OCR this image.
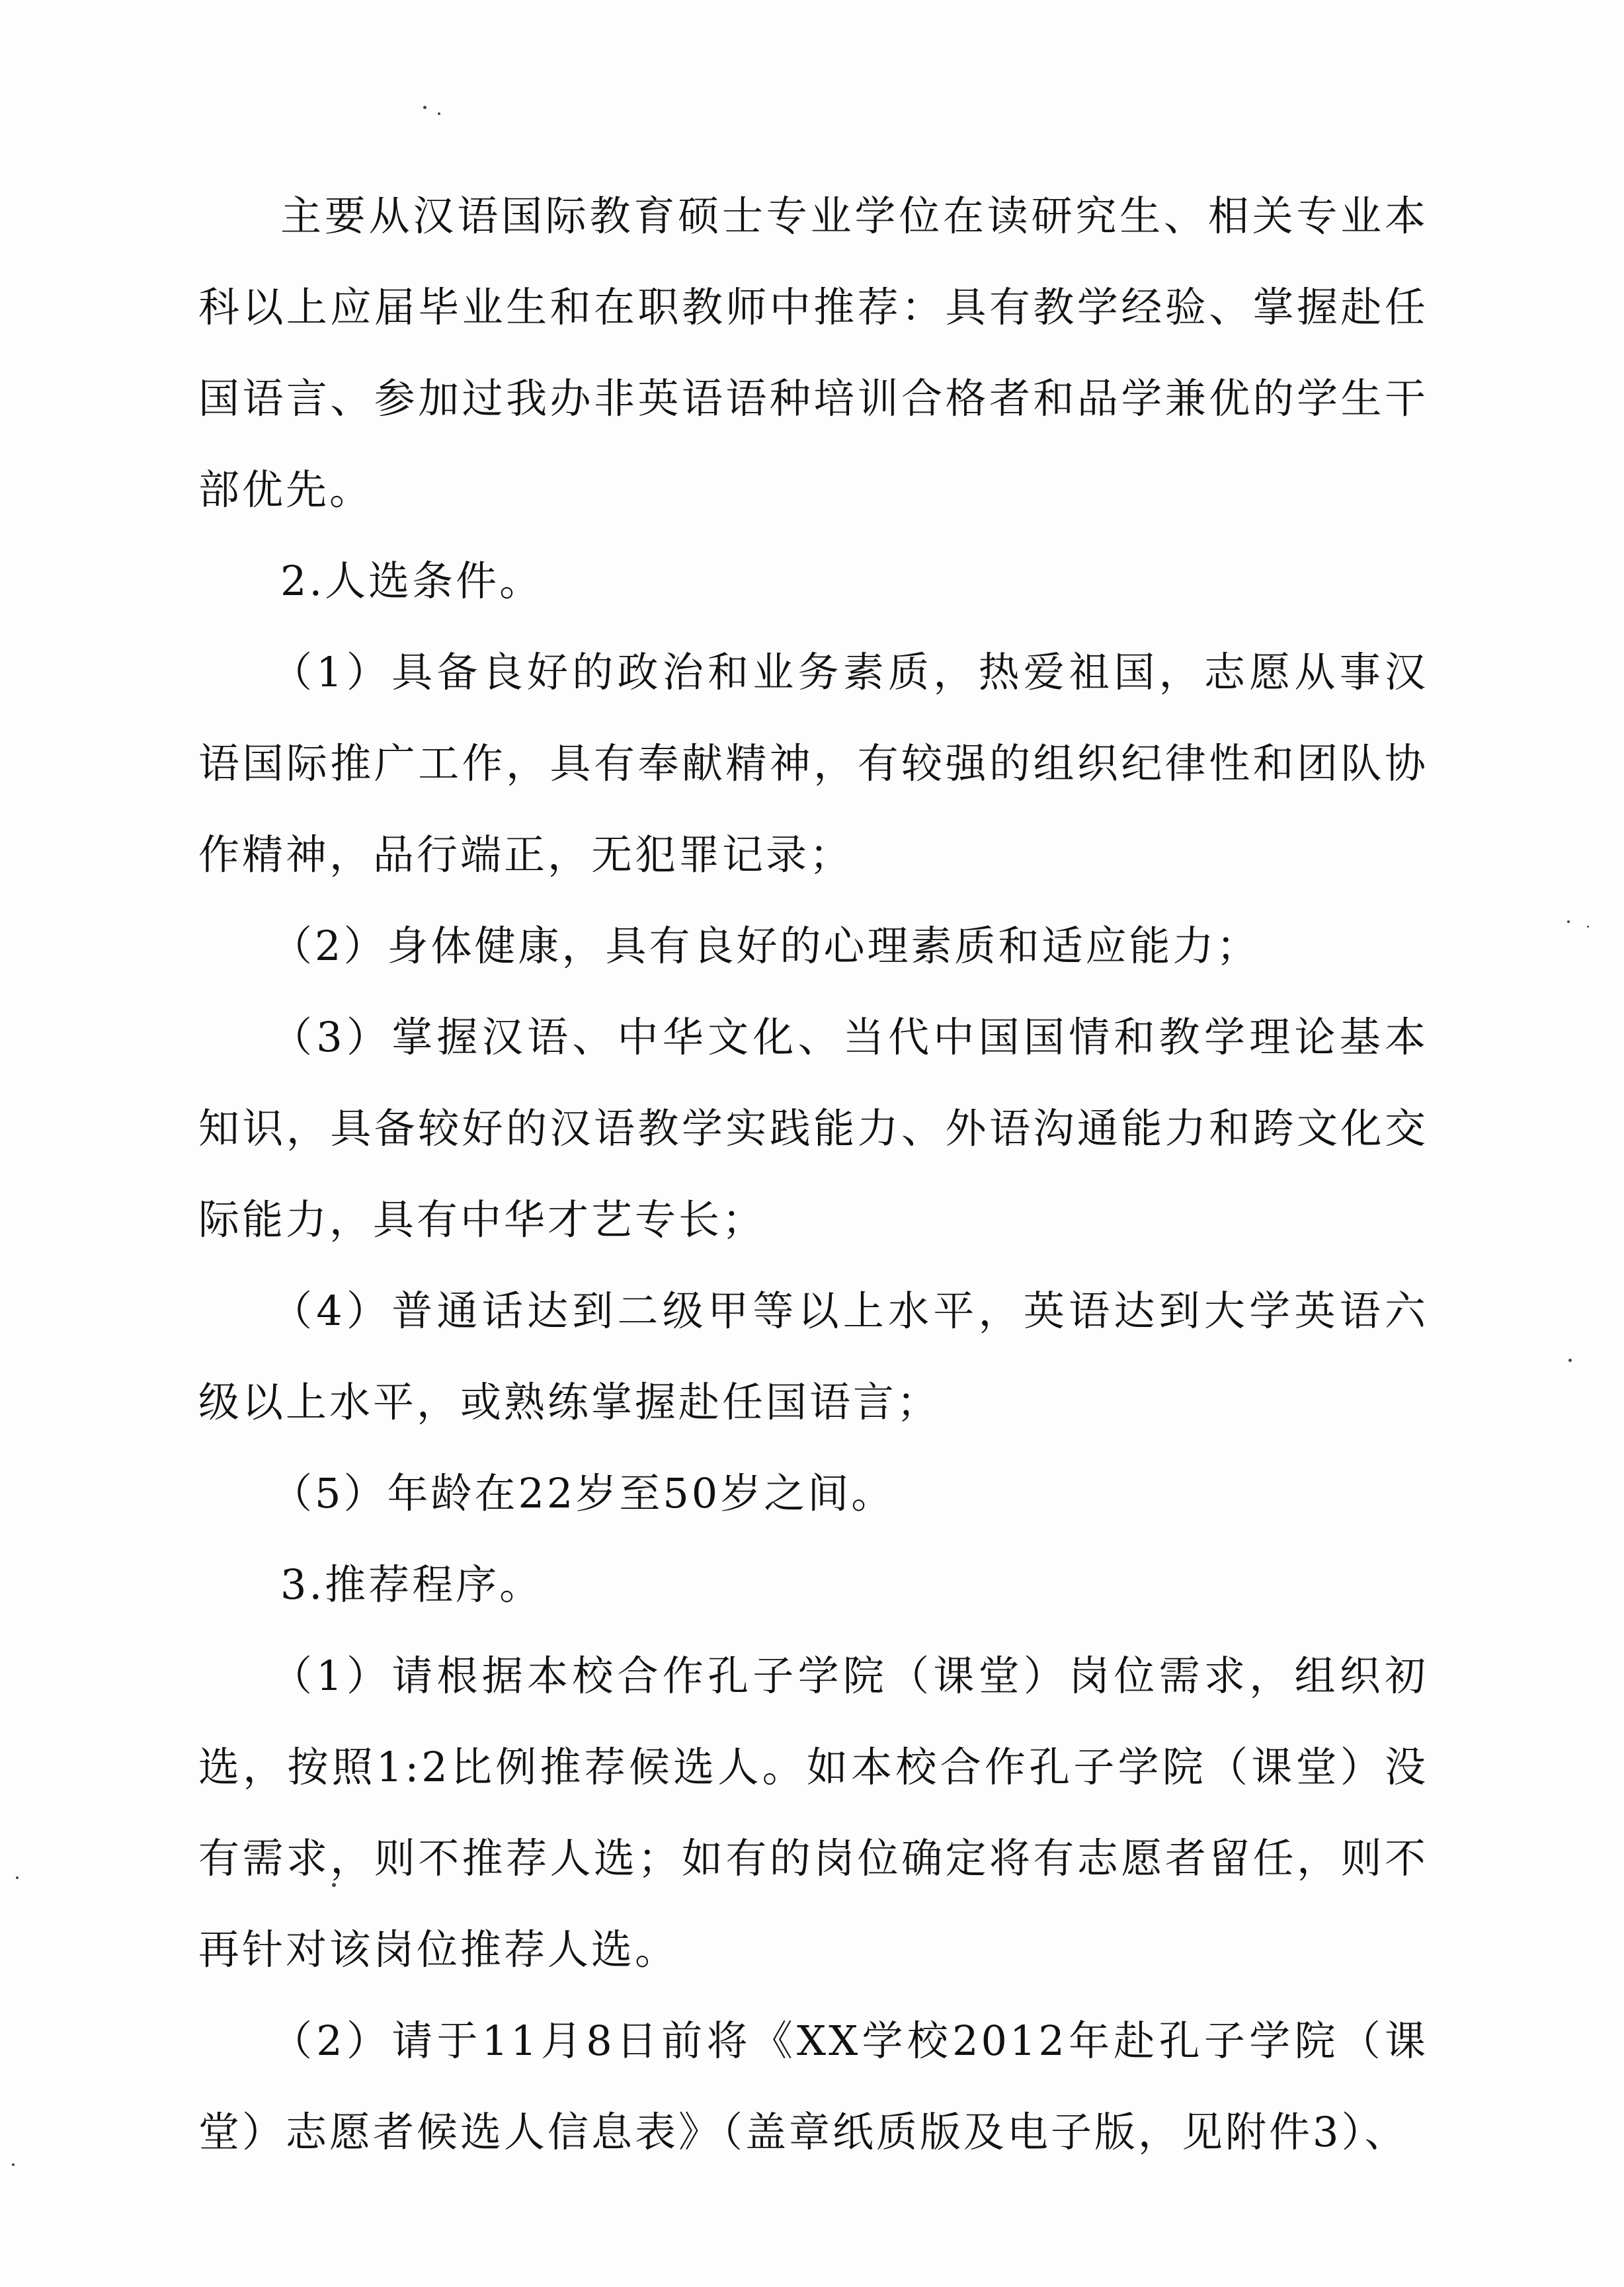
主要从汉语国际教育硕士专业学位在读研究生、相关专业本科以上应届毕业生和在职教师中推荐：具有教学经验、掌握赴任国语言、参加过我办非英语语种培训合格者和品学兼优的学生干部优先。

2.人选条件。

（1）具备良好的政治和业务素质，热爱祖国，志愿从事汉语国际推广工作，具有奉献精神，有较强的组织纪律性和团队协作精神，品行端正，无犯罪记录；

（2）身体健康，具有良好的心理素质和适应能力；

（3）掌握汉语、中华文化、当代中国国情和教学理论基本知识，具备较好的汉语教学实践能力、外语沟通能力和跨文化交际能力，具有中华才艺专长；

（4）普通话达到二级甲等以上水平，英语达到大学英语六级以上水平，或熟练掌握赴任国语言；

（5）年龄在22岁至50岁之间。

3.推荐程序。

（1）请根据本校合作孔子学院（课堂）岗位需求，组织初选，按照1:2比例推荐候选人。如本校合作孔子学院（课堂）没有需求，则不推荐人选；如有的岗位确定将有志愿者留任，则不再针对该岗位推荐人选。

（2）请于11月8日前将《XX学校2012年赴孔子学院（课堂）志愿者候选人信息表》（盖章纸质版及电子版，见附件3）、
